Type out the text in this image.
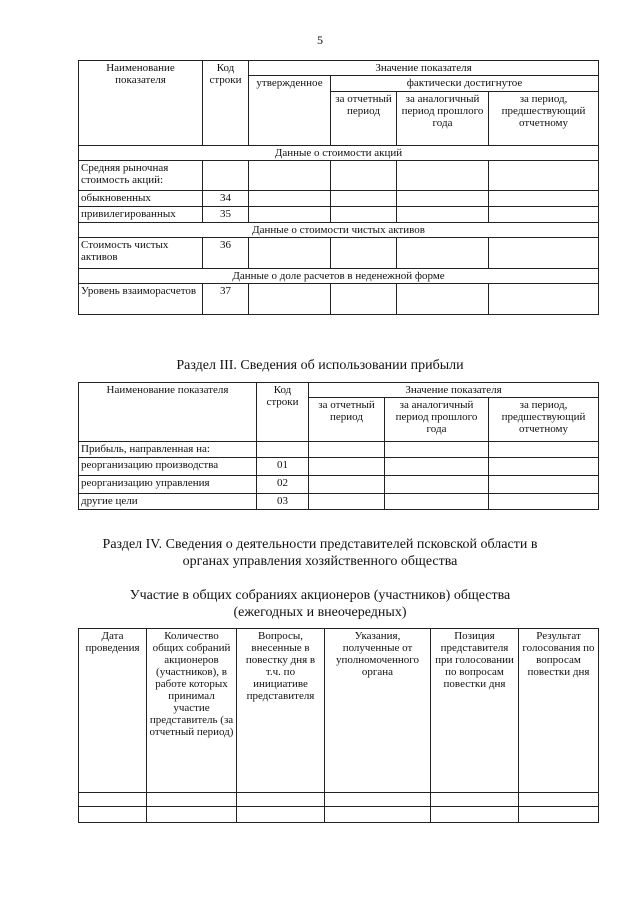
5
Наименование показателя	Код строки	Значение показателя			
		утвержденное	фактически достигнутое		
			за отчетный период	за аналогичный период прошлого года	за период, предшествующий отчетному
Данные о стоимости акций					
Средняя рыночная стоимость акций:					
обыкновенных	34				
привилегированных	35				
Данные о стоимости чистых активов					
Стоимость чистых активов	36				
Данные о доле расчетов в неденежной форме					
Уровень взаиморасчетов	37				
Раздел III. Сведения об использовании прибыли
Наименование показателя	Код строки	Значение показателя		
		за отчетный период	за аналогичный период прошлого года	за период, предшествующий отчетному
Прибыль, направленная на:				
реорганизацию производства	01			
реорганизацию управления	02			
другие цели	03			
Раздел IV. Сведения о деятельности представителей псковской области в
органах управления хозяйственного общества
Участие в общих собраниях акционеров (участников) общества
(ежегодных и внеочередных)
Дата проведения	Количество общих собраний акционеров (участников), в работе которых принимал участие представитель (за отчетный период)	Вопросы, внесенные в повестку дня в т.ч. по инициативе представителя	Указания, полученные от уполномоченного органа	Позиция представителя при голосовании по вопросам повестки дня	Результат голосования по вопросам повестки дня
